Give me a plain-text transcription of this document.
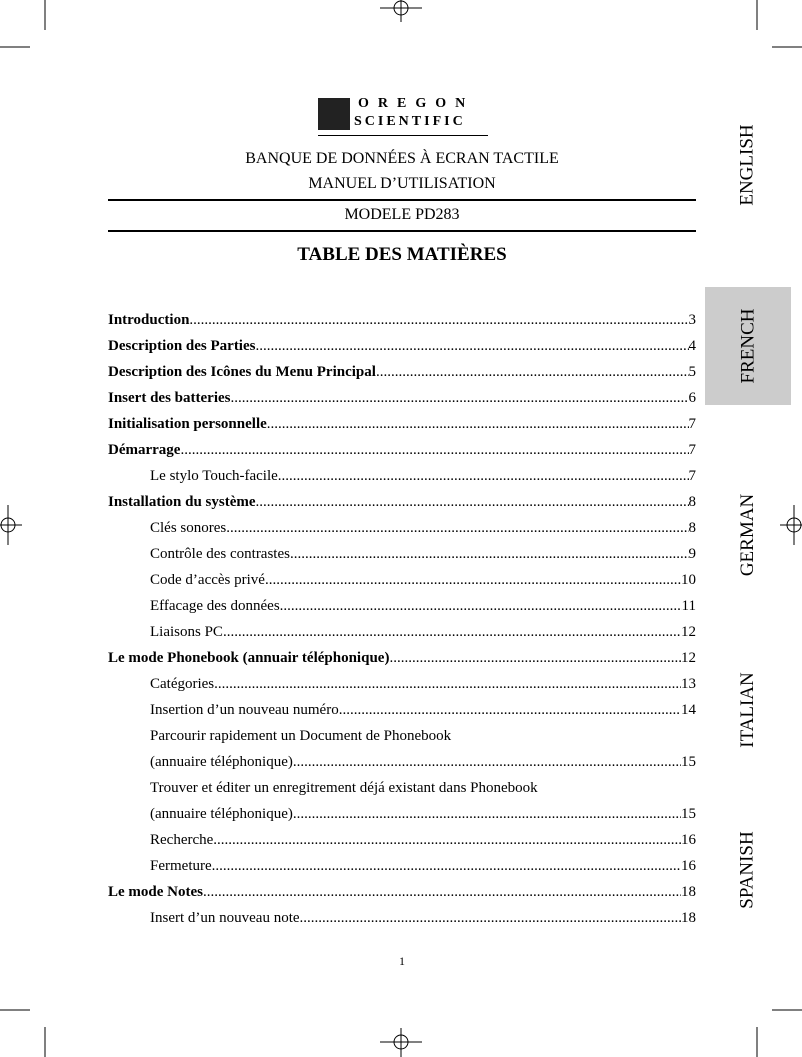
OREGON
SCIENTIFIC
BANQUE DE DONNÉES À ECRAN TACTILE
MANUEL D’UTILISATION
MODELE PD283
TABLE DES MATIÈRES
Introduction .....	3
Description des Parties .....	4
Description des Icônes du Menu Principal .....	5
Insert des batteries .....	6
Initialisation personnelle .....	7
Démarrage .....	7
Le stylo Touch-facile .....	7
Installation du système .....	8
Clés sonores .....	8
Contrôle des contrastes .....	9
Code d’accès privé .....	10
Effacage des données .....	11
Liaisons PC .....	12
Le mode Phonebook (annuair téléphonique) .....	12
Catégories .....	13
Insertion d’un nouveau numéro .....	14
Parcourir rapidement un Document de Phonebook
(annuaire téléphonique) .....	15
Trouver et éditer un enregitrement déjá existant dans Phonebook
(annuaire téléphonique) .....	15
Recherche .....	16
Fermeture .....	16
Le mode Notes .....	18
Insert d’un nouveau note .....	18
1
ENGLISH
FRENCH
GERMAN
ITALIAN
SPANISH
